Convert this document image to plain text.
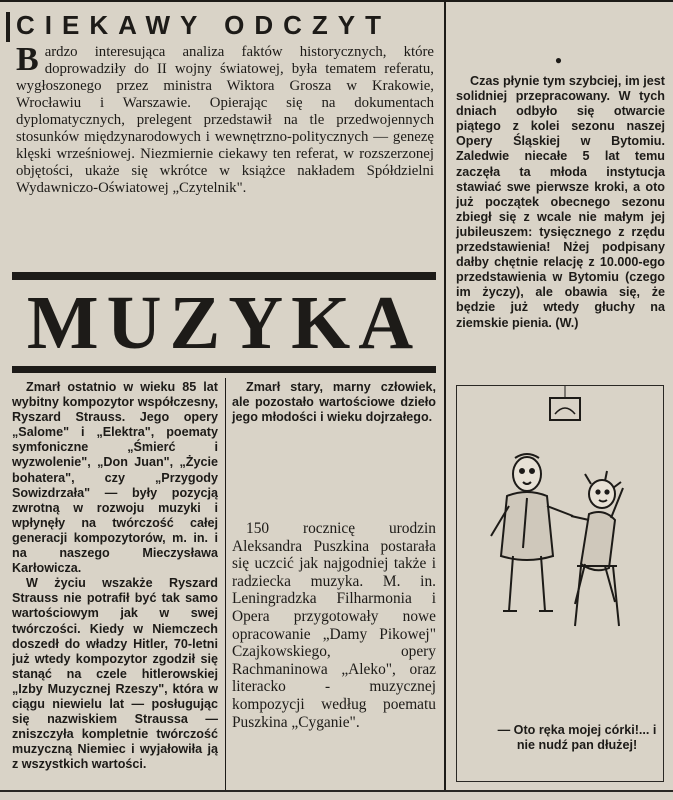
CIEKAWY ODCZYT
B ardzo interesująca analiza faktów historycznych, które doprowadziły do II wojny światowej, była tematem referatu, wygłoszonego przez ministra Wiktora Grosza w Krakowie, Wrocławiu i Warszawie. Opierając się na dokumentach dyplomatycznych, prelegent przedstawił na tle przedwojennych stosunków międzynarodowych i wewnętrzno-politycznych — genezę klęski wrześniowej. Niezmiernie ciekawy ten referat, w rozszerzonej objętości, ukaże się wkrótce w książce nakładem Spółdzielni Wydawniczo-Oświatowej „Czytelnik".
MUZYKA

Zmarł ostatnio w wieku 85 lat wybitny kompozytor współczesny, Ryszard Strauss. Jego opery „Salome" i „Elektra", poematy symfoniczne „Śmierć i wyzwolenie", „Don Juan", „Życie bohatera", czy „Przygody Sowizdrzała" — były pozycją zwrotną w rozwoju muzyki i wpłynęły na twórczość całej generacji kompozytorów, m. in. i na naszego Mieczysława Karłowicza.

W życiu wszakże Ryszard Strauss nie potrafił być tak samo wartościowym jak w swej twórczości. Kiedy w Niemczech doszedł do władzy Hitler, 70-letni już wtedy kompozytor zgodził się stanąć na czele hitlerowskiej „Izby Muzycznej Rzeszy", która w ciągu niewielu lat — posługując się nazwiskiem Straussa — zniszczyła kompletnie twórczość muzyczną Niemiec i wyjałowiła ją z wszystkich wartości.

Zmarł stary, marny człowiek, ale pozostało wartościowe dzieło jego młodości i wieku dojrzałego.

150 rocznicę urodzin Aleksandra Puszkina postarała się uczcić jak najgodniej także i radziecka muzyka. M. in. Leningradzka Filharmonia i Opera przygotowały nowe opracowanie „Damy Pikowej" Czajkowskiego, opery Rachmaninowa „Aleko", oraz literacko - muzycznej kompozycji według poematu Puszkina „Cyganie".

●

Czas płynie tym szybciej, im jest solidniej przepracowany. W tych dniach odbyło się otwarcie piątego z kolei sezonu naszej Opery Śląskiej w Bytomiu. Zaledwie niecałe 5 lat temu zaczęła ta młoda instytucja stawiać swe pierwsze kroki, a oto już początek obecnego sezonu zbiegł się z wcale nie małym jej jubileuszem: tysięcznego z rzędu przedstawienia! Nżej podpisany dałby chętnie relację z 10.000-ego przedstawienia w Bytomiu (czego im życzy), ale obawia się, że będzie już wtedy głuchy na ziemskie pienia. (W.)

— Oto ręka mojej córki!... i nie nudź pan dłużej!
